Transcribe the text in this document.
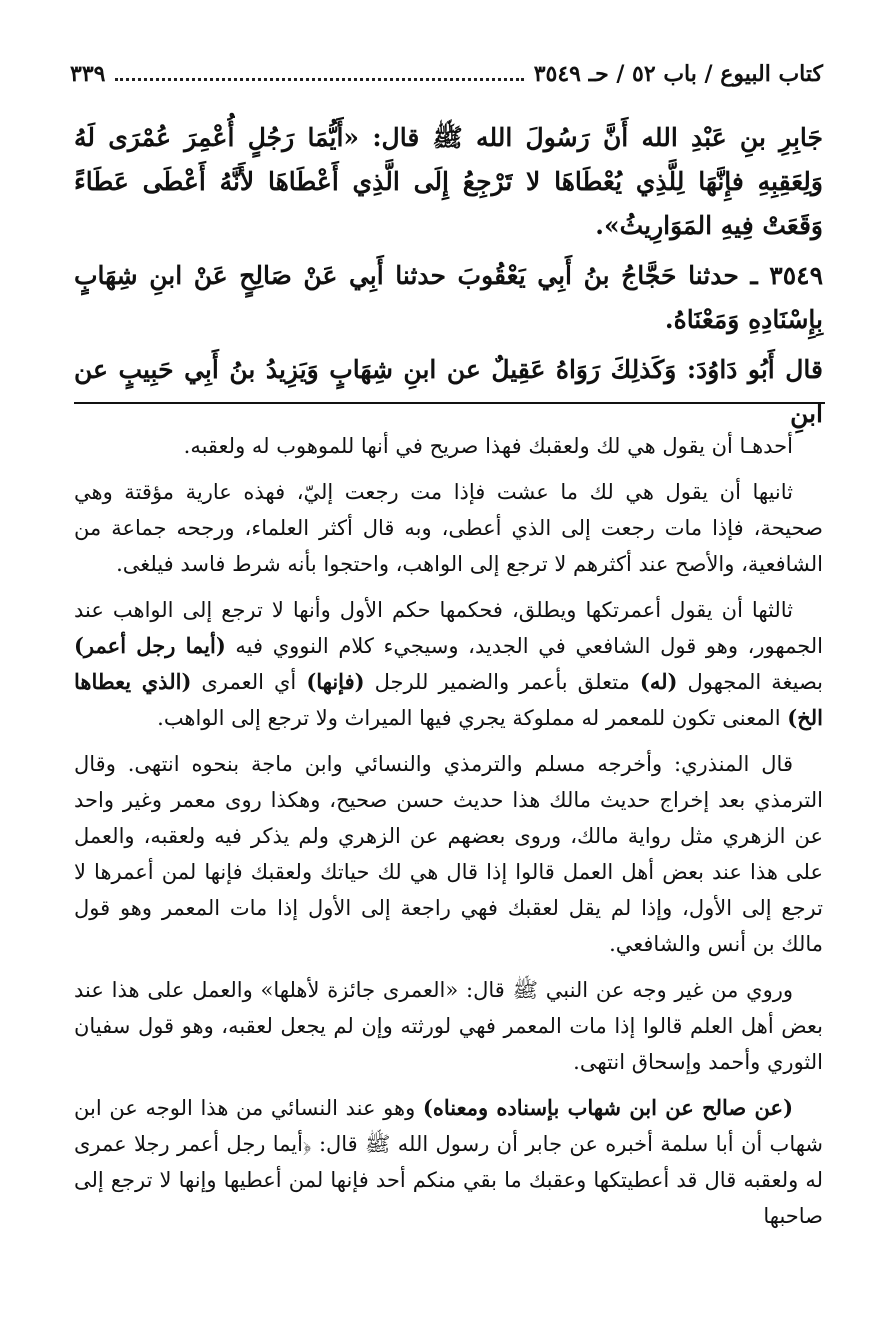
كتاب البيوع / باب ٥٢ / حـ ٣٥٤٩
٣٣٩

جَابِرِ بنِ عَبْدِ الله أَنَّ رَسُولَ الله ﷺ قال: «أَيُّمَا رَجُلٍ أُعْمِرَ عُمْرَى لَهُ وَلِعَقِبِهِ فإِنَّهَا لِلَّذِي يُعْطَاهَا لا تَرْجِعُ إِلَى الَّذِي أَعْطَاهَا لأَنَّهُ أَعْطَى عَطَاءً وَقَعَتْ فِيهِ المَوَارِيثُ».

٣٥٤٩ ـ حدثنا حَجَّاجُ بنُ أَبِي يَعْقُوبَ حدثنا أَبِي عَنْ صَالِحٍ عَنْ ابنِ شِهَابٍ بِإِسْنَادِهِ وَمَعْنَاهُ.

قال أَبُو دَاوُدَ: وَكَذلِكَ رَوَاهُ عَقِيلٌ عن ابنِ شِهَابٍ وَيَزِيدُ بنُ أَبِي حَبِيبٍ عن ابنِ

أحدهـا أن يقول هي لك ولعقبك فهذا صريح في أنها للموهوب له ولعقبه.

ثانيها أن يقول هي لك ما عشت فإذا مت رجعت إليّ، فهذه عارية مؤقتة وهي صحيحة، فإذا مات رجعت إلى الذي أعطى، وبه قال أكثر العلماء، ورجحه جماعة من الشافعية، والأصح عند أكثرهم لا ترجع إلى الواهب، واحتجوا بأنه شرط فاسد فيلغى.

ثالثها أن يقول أعمرتكها ويطلق، فحكمها حكم الأول وأنها لا ترجع إلى الواهب عند الجمهور، وهو قول الشافعي في الجديد، وسيجيء كلام النووي فيه (أيما رجل أعمر) بصيغة المجهول (له) متعلق بأعمر والضمير للرجل (فإنها) أي العمرى (الذي يعطاها الخ) المعنى تكون للمعمر له مملوكة يجري فيها الميراث ولا ترجع إلى الواهب.

قال المنذري: وأخرجه مسلم والترمذي والنسائي وابن ماجة بنحوه انتهى. وقال الترمذي بعد إخراج حديث مالك هذا حديث حسن صحيح، وهكذا روى معمر وغير واحد عن الزهري مثل رواية مالك، وروى بعضهم عن الزهري ولم يذكر فيه ولعقبه، والعمل على هذا عند بعض أهل العمل قالوا إذا قال هي لك حياتك ولعقبك فإنها لمن أعمرها لا ترجع إلى الأول، وإذا لم يقل لعقبك فهي راجعة إلى الأول إذا مات المعمر وهو قول مالك بن أنس والشافعي.

وروي من غير وجه عن النبي ﷺ قال: «العمرى جائزة لأهلها» والعمل على هذا عند بعض أهل العلم قالوا إذا مات المعمر فهي لورثته وإن لم يجعل لعقبه، وهو قول سفيان الثوري وأحمد وإسحاق انتهى.

(عن صالح عن ابن شهاب بإسناده ومعناه) وهو عند النسائي من هذا الوجه عن ابن شهاب أن أبا سلمة أخبره عن جابر أن رسول الله ﷺ قال: ﴿أيما رجل أعمر رجلا عمرى له ولعقبه قال قد أعطيتكها وعقبك ما بقي منكم أحد فإنها لمن أعطيها وإنها لا ترجع إلى صاحبها
